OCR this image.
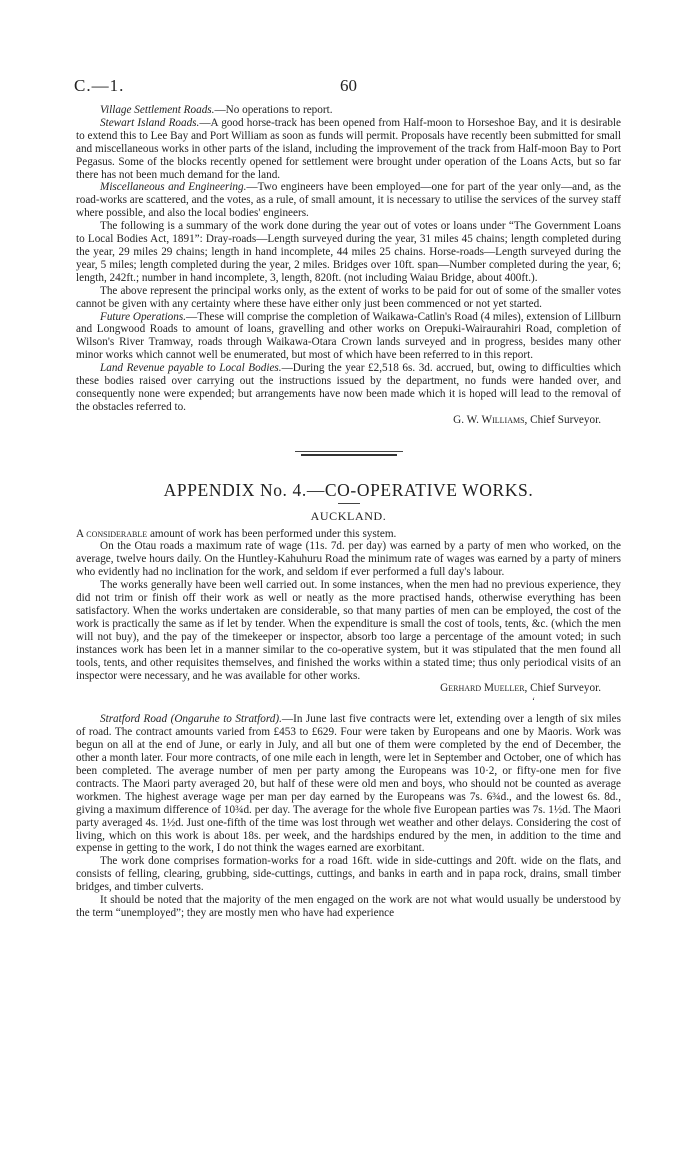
C.—1.	60

Village Settlement Roads.—No operations to report.

Stewart Island Roads.—A good horse-track has been opened from Half-moon to Horseshoe Bay, and it is desirable to extend this to Lee Bay and Port William as soon as funds will permit. Proposals have recently been submitted for small and miscellaneous works in other parts of the island, including the improvement of the track from Half-moon Bay to Port Pegasus. Some of the blocks recently opened for settlement were brought under operation of the Loans Acts, but so far there has not been much demand for the land.

Miscellaneous and Engineering.—Two engineers have been employed—one for part of the year only—and, as the road-works are scattered, and the votes, as a rule, of small amount, it is necessary to utilise the services of the survey staff where possible, and also the local bodies' engineers.

The following is a summary of the work done during the year out of votes or loans under “The Government Loans to Local Bodies Act, 1891”: Dray-roads—Length surveyed during the year, 31 miles 45 chains; length completed during the year, 29 miles 29 chains; length in hand incomplete, 44 miles 25 chains. Horse-roads—Length surveyed during the year, 5 miles; length completed during the year, 2 miles. Bridges over 10ft. span—Number completed during the year, 6; length, 242ft.; number in hand incomplete, 3, length, 820ft. (not including Waiau Bridge, about 400ft.).

The above represent the principal works only, as the extent of works to be paid for out of some of the smaller votes cannot be given with any certainty where these have either only just been commenced or not yet started.

Future Operations.—These will comprise the completion of Waikawa-Catlin's Road (4 miles), extension of Lillburn and Longwood Roads to amount of loans, gravelling and other works on Orepuki-Wairaurahiri Road, completion of Wilson's River Tramway, roads through Waikawa-Otara Crown lands surveyed and in progress, besides many other minor works which cannot well be enumerated, but most of which have been referred to in this report.

Land Revenue payable to Local Bodies.—During the year £2,518 6s. 3d. accrued, but, owing to difficulties which these bodies raised over carrying out the instructions issued by the department, no funds were handed over, and consequently none were expended; but arrangements have now been made which it is hoped will lead to the removal of the obstacles referred to.

G. W. Williams, Chief Surveyor.

APPENDIX No. 4.—CO-OPERATIVE WORKS.
AUCKLAND.

A considerable amount of work has been performed under this system.

On the Otau roads a maximum rate of wage (11s. 7d. per day) was earned by a party of men who worked, on the average, twelve hours daily. On the Huntley-Kahuhuru Road the minimum rate of wages was earned by a party of miners who evidently had no inclination for the work, and seldom if ever performed a full day's labour.

The works generally have been well carried out. In some instances, when the men had no previous experience, they did not trim or finish off their work as well or neatly as the more practised hands, otherwise everything has been satisfactory. When the works undertaken are considerable, so that many parties of men can be employed, the cost of the work is practically the same as if let by tender. When the expenditure is small the cost of tools, tents, &c. (which the men will not buy), and the pay of the timekeeper or inspector, absorb too large a percentage of the amount voted; in such instances work has been let in a manner similar to the co-operative system, but it was stipulated that the men found all tools, tents, and other requisites themselves, and finished the works within a stated time; thus only periodical visits of an inspector were necessary, and he was available for other works.

Gerhard Mueller, Chief Surveyor.

ʻ

Stratford Road (Ongaruhe to Stratford).—In June last five contracts were let, extending over a length of six miles of road. The contract amounts varied from £453 to £629. Four were taken by Europeans and one by Maoris. Work was begun on all at the end of June, or early in July, and all but one of them were completed by the end of December, the other a month later. Four more contracts, of one mile each in length, were let in September and October, one of which has been completed. The average number of men per party among the Europeans was 10·2, or fifty-one men for five contracts. The Maori party averaged 20, but half of these were old men and boys, who should not be counted as average workmen. The highest average wage per man per day earned by the Europeans was 7s. 6¾d., and the lowest 6s. 8d., giving a maximum difference of 10¾d. per day. The average for the whole five European parties was 7s. 1½d. The Maori party averaged 4s. 1½d. Just one-fifth of the time was lost through wet weather and other delays. Considering the cost of living, which on this work is about 18s. per week, and the hardships endured by the men, in addition to the time and expense in getting to the work, I do not think the wages earned are exorbitant.

The work done comprises formation-works for a road 16ft. wide in side-cuttings and 20ft. wide on the flats, and consists of felling, clearing, grubbing, side-cuttings, cuttings, and banks in earth and in papa rock, drains, small timber bridges, and timber culverts.

It should be noted that the majority of the men engaged on the work are not what would usually be understood by the term “unemployed”; they are mostly men who have had experience
